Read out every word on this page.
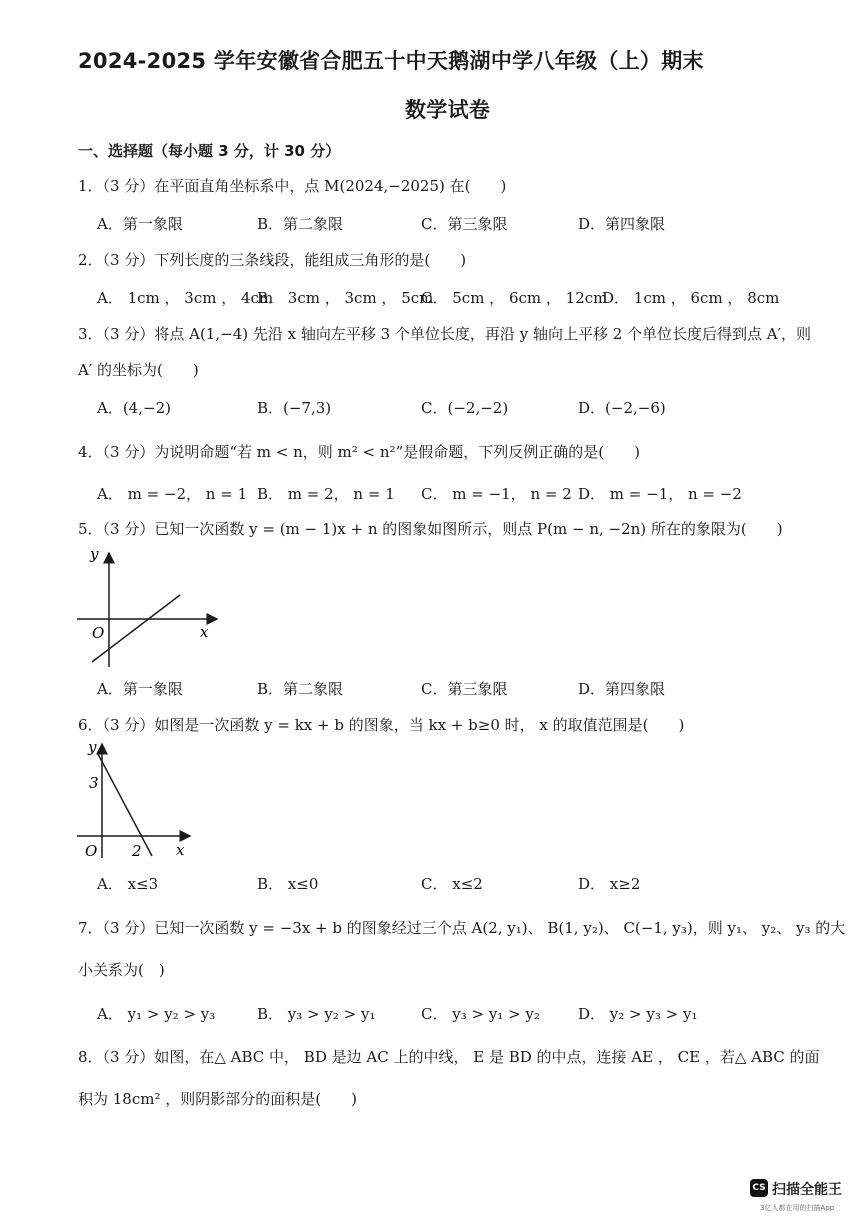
2024-2025 学年安徽省合肥五十中天鹅湖中学八年级（上）期末
数学试卷
一、选择题（每小题 3 分，计 30 分）
1．（3 分）在平面直角坐标系中，点 M(2024,−2025) 在(　　)
A．第一象限	B．第二象限	C．第三象限	D．第四象限
2．（3 分）下列长度的三条线段，能组成三角形的是(　　)
A． 1cm ， 3cm ， 4cm
B． 3cm ， 3cm ， 5cm
C． 5cm ， 6cm ， 12cm
D． 1cm ， 6cm ， 8cm
3．（3 分）将点 A(1,−4) 先沿 x 轴向左平移 3 个单位长度，再沿 y 轴向上平移 2 个单位长度后得到点 A′，则
A′ 的坐标为(　　)
A．(4,−2)	B．(−7,3)	C．(−2,−2)	D．(−2,−6)
4．（3 分）为说明命题“若 m < n，则 m² < n²”是假命题，下列反例正确的是(　　)
A． m = −2， n = 1 B． m = 2， n = 1 C． m = −1， n = 2 D． m = −1， n = −2
5．（3 分）已知一次函数 y = (m − 1)x + n 的图象如图所示，则点 P(m − n, −2n) 所在的象限为(　　)
y
x
O
A．第一象限	B．第二象限	C．第三象限	D．第四象限
6．（3 分）如图是一次函数 y = kx + b 的图象，当 kx + b≥0 时， x 的取值范围是(　　)
y
3
O 2 x
A． x≤3	B． x≤0	C． x≤2	D． x≥2
7．（3 分）已知一次函数 y = −3x + b 的图象经过三个点 A(2, y₁)、 B(1, y₂)、 C(−1, y₃)，则 y₁、 y₂、 y₃ 的大
小关系为(　)
A． y₁ > y₂ > y₃	B． y₃ > y₂ > y₁	C． y₃ > y₁ > y₂	D． y₂ > y₃ > y₁
8．（3 分）如图，在△ ABC 中， BD 是边 AC 上的中线， E 是 BD 的中点，连接 AE ， CE ，若△ ABC 的面
积为 18cm² ，则阴影部分的面积是(　　)
CS 扫描全能王
3亿人都在用的扫描App
